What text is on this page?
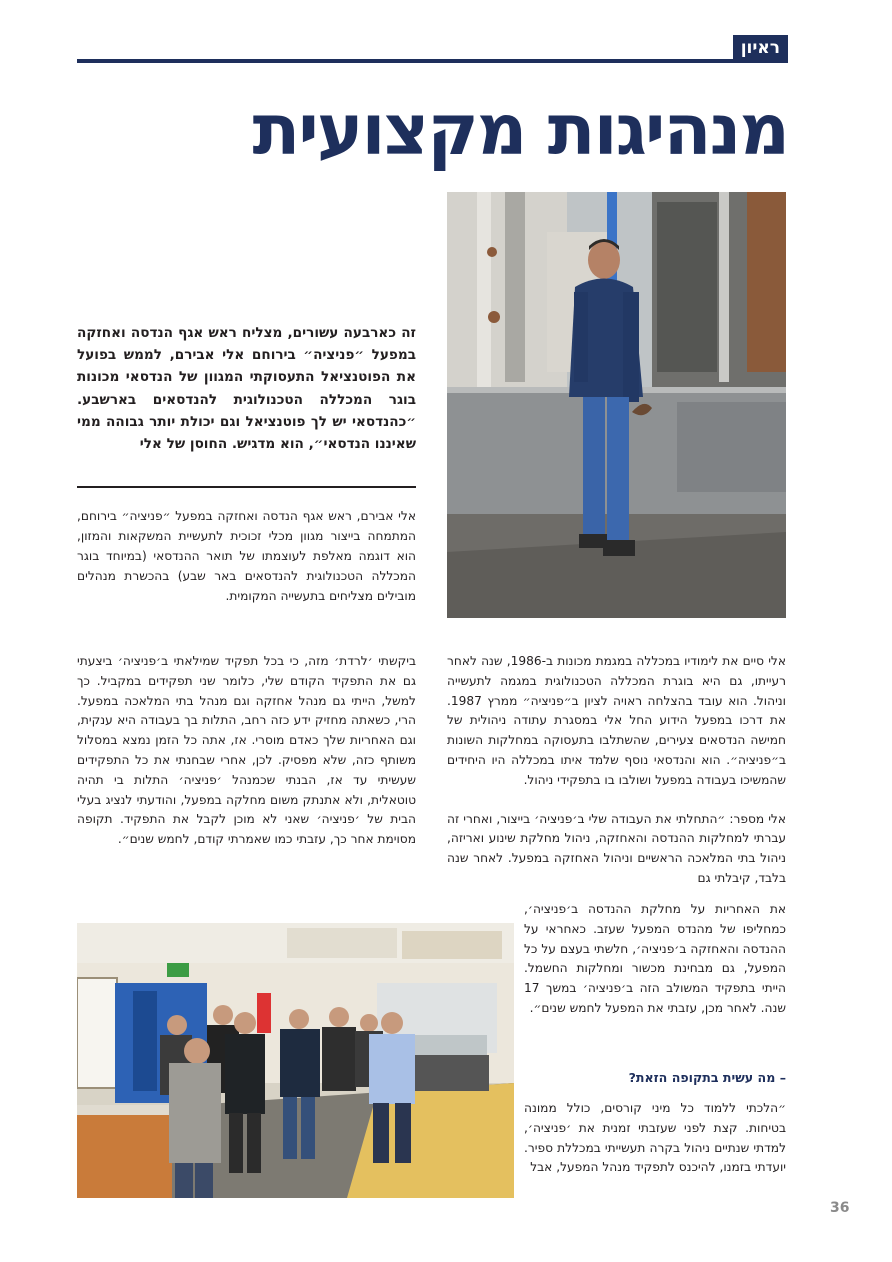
ראיון
מנהיגות מקצועית
זה כארבעה עשורים, מצליח ראש אגף הנדסה ואחזקה במפעל ״פניציה״ בירוחם אלי אבירם, לממש בפועל את הפוטנציאל התעסוקתי המגוון של הנדסאי מכונות בוגר המכללה הטכנולוגית להנדסאים בארשבע. ״כהנדסאי יש לך פוטנציאל וגם יכולת יותר גבוהה ממי שאיננו הנדסאי״, הוא מדגיש. החוסן של אלי
אלי אבירם, ראש אגף הנדסה ואחזקה במפעל ״פניציה״ בירוחם, המתמחה בייצור מגוון מכלי זכוכית לתעשיית המשקאות והמזון, הוא דוגמה מאלפת לעוצמתו של תואר ההנדסאי (במיוחד בוגר המכללה הטכנולוגית להנדסאים באר שבע) בהכשרת מנהלים מובילים מצליחים בתעשייה המקומית.

ביקשתי ׳לרדת׳ מזה, כי בכל תפקיד שמילאתי ב׳פניציה׳ ביצעתי גם את התפקיד הקודם שלי, כלומר שני תפקידים במקביל. כך למשל, הייתי גם מנהל אחזקה וגם מנהל בתי המלאכה במפעל. הרי, כשאתה מחזיק ידע כזה רחב, התלות בך בעבודה היא ענקית, וגם האחריות שלך כאדם מוסרי. אז, אתה כל הזמן נמצא במסלול משותף כזה, שלא מפסיק. לכן, אחרי שבחנתי את כל התפקידים שעשיתי עד אז, הבנתי שכמנהל ׳פניציה׳ התלות בי תהיה טוטאלית, ולא אתנתק משום מחלקה במפעל, והודעתי לנציג בעלי הבית של ׳פניציה׳ שאני לא מוכן לקבל את התפקיד. תקופה מסוימת אחר כך, עזבתי כמו שאמרתי קודם, לחמש שנים״.

אלי סיים את לימודיו במכללה במגמת מכונות ב-1986, שנה לאחר רעייתו, גם היא בוגרת המכללה הטכנולוגית במגמה לתעשייה וניהול. הוא עובד בהצלחה ראויה לציון ב״פניציה״ ממרץ 1987. את דרכו במפעל הידוע החל אלי במסגרת עתודה ניהולית של חמישה הנדסאים צעירים, שהשתלבו בתעסוקה במחלקות השונות ב״פניציה״. הוא והנדסאי נוסף שלמד איתו במכללה היו היחידים שהמשיכו בעבודה במפעל ושולבו בו בתפקידי ניהול.

אלי מספר: ״התחלתי את העבודה שלי ב׳פניציה׳ בייצור, ואחרי זה עברתי למחלקות ההנדסה והאחזקה, ניהול מחלקת שינוע ואריזה, ניהול בתי המלאכה הראשיים וניהול האחזקה במפעל. לאחר שנה בלבד, קיבלתי גם

את האחריות על מחלקת ההנדסה ב׳פניציה׳, כמחליפו של מהנדס המפעל שעזב. כאחראי על ההנדסה והאחזקה ב׳פניציה׳, חלשתי בעצם על כל המפעל, גם מבחינת מכשור ומחלקות החשמל. הייתי בתפקיד המשולב הזה ב׳פניציה׳ במשך 17 שנה. לאחר מכן, עזבתי את המפעל לחמש שנים״.

– מה עשית בתקופה הזאת?
״הלכתי ללמוד כל מיני קורסים, כולל ממונה בטיחות. קצת לפני שעזבתי זמנית את ׳פניציה׳, למדתי שנתיים ניהול בקרה תעשייתי במכללת ספיר. יועדתי בזמנו, להיכנס לתפקיד מנהל המפעל, אבל
36
